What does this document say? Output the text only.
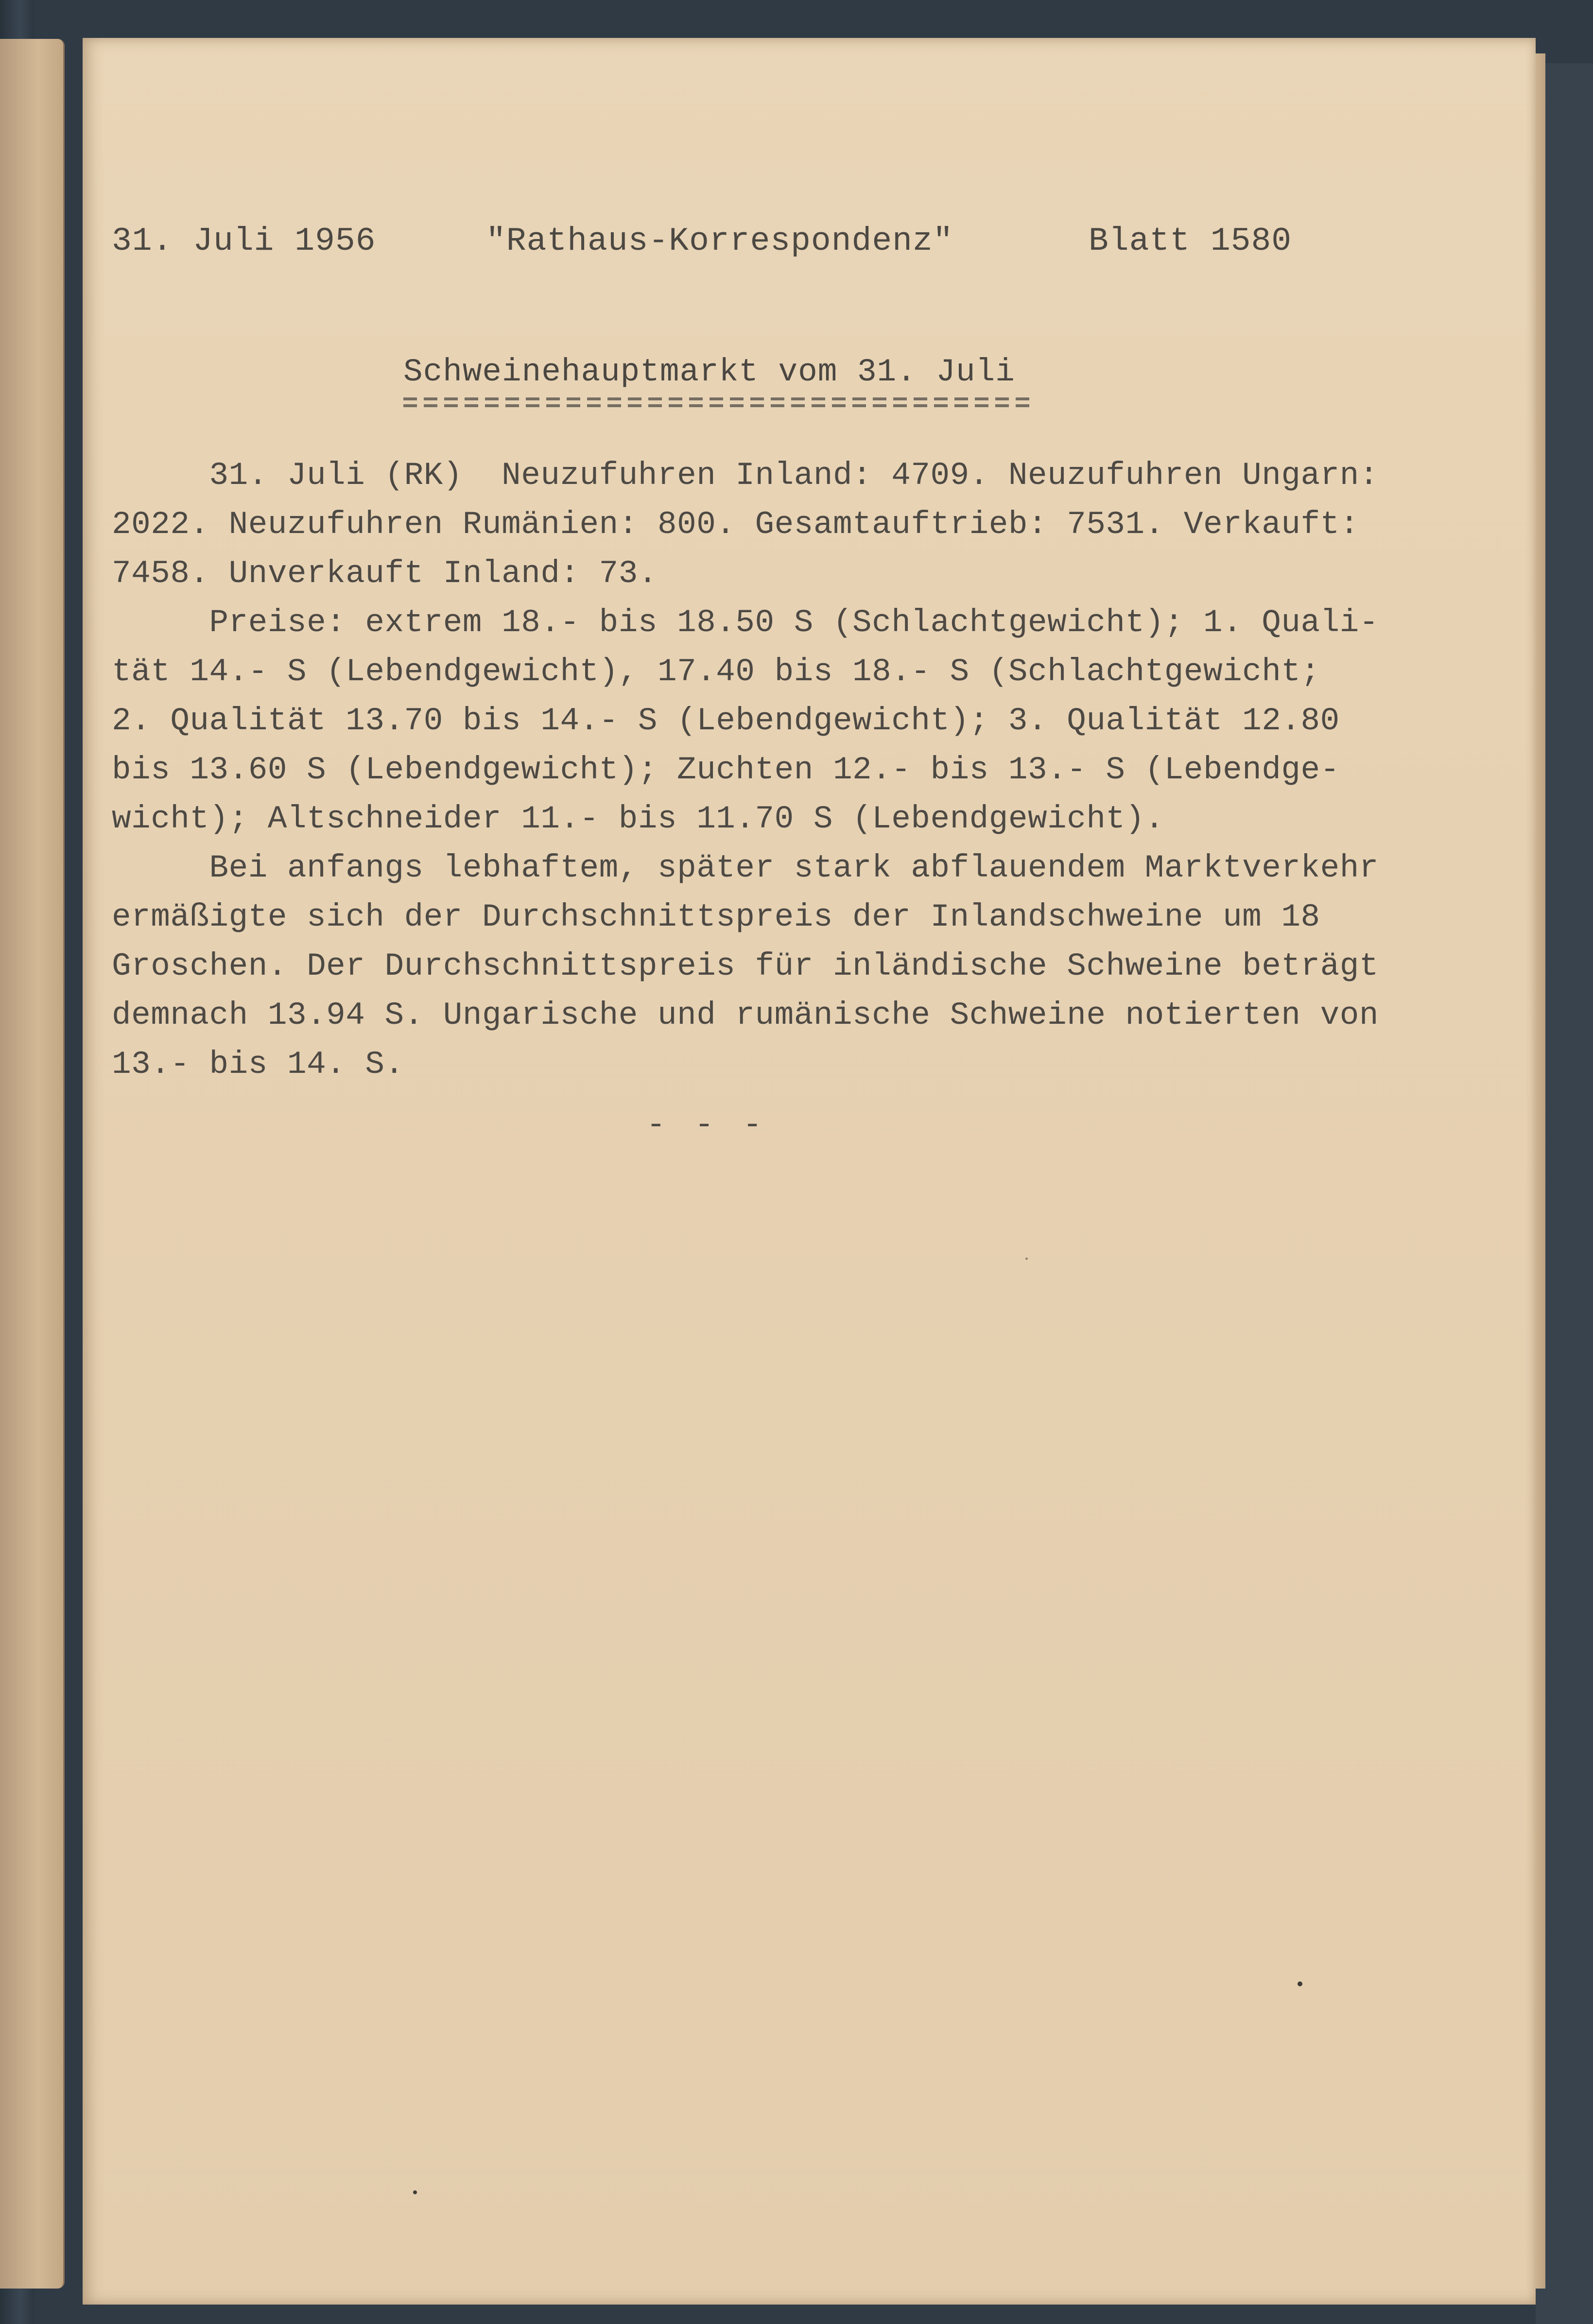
31. Juli 1956	"Rathaus-Korrespondenz"	Blatt 1580
Schweinehauptmarkt vom 31. Juli
31. Juli (RK)  Neuzufuhren Inland: 4709. Neuzufuhren Ungarn:
2022. Neuzufuhren Rumänien: 800. Gesamtauftrieb: 7531. Verkauft:
7458. Unverkauft Inland: 73.
Preise: extrem 18.- bis 18.50 S (Schlachtgewicht); 1. Quali-
tät 14.- S (Lebendgewicht), 17.40 bis 18.- S (Schlachtgewicht;
2. Qualität 13.70 bis 14.- S (Lebendgewicht); 3. Qualität 12.80
bis 13.60 S (Lebendgewicht); Zuchten 12.- bis 13.- S (Lebendge-
wicht); Altschneider 11.- bis 11.70 S (Lebendgewicht).
Bei anfangs lebhaftem, später stark abflauendem Marktverkehr
ermäßigte sich der Durchschnittspreis der Inlandschweine um 18
Groschen. Der Durchschnittspreis für inländische Schweine beträgt
demnach 13.94 S. Ungarische und rumänische Schweine notierten von
13.- bis 14. S.
- - -
